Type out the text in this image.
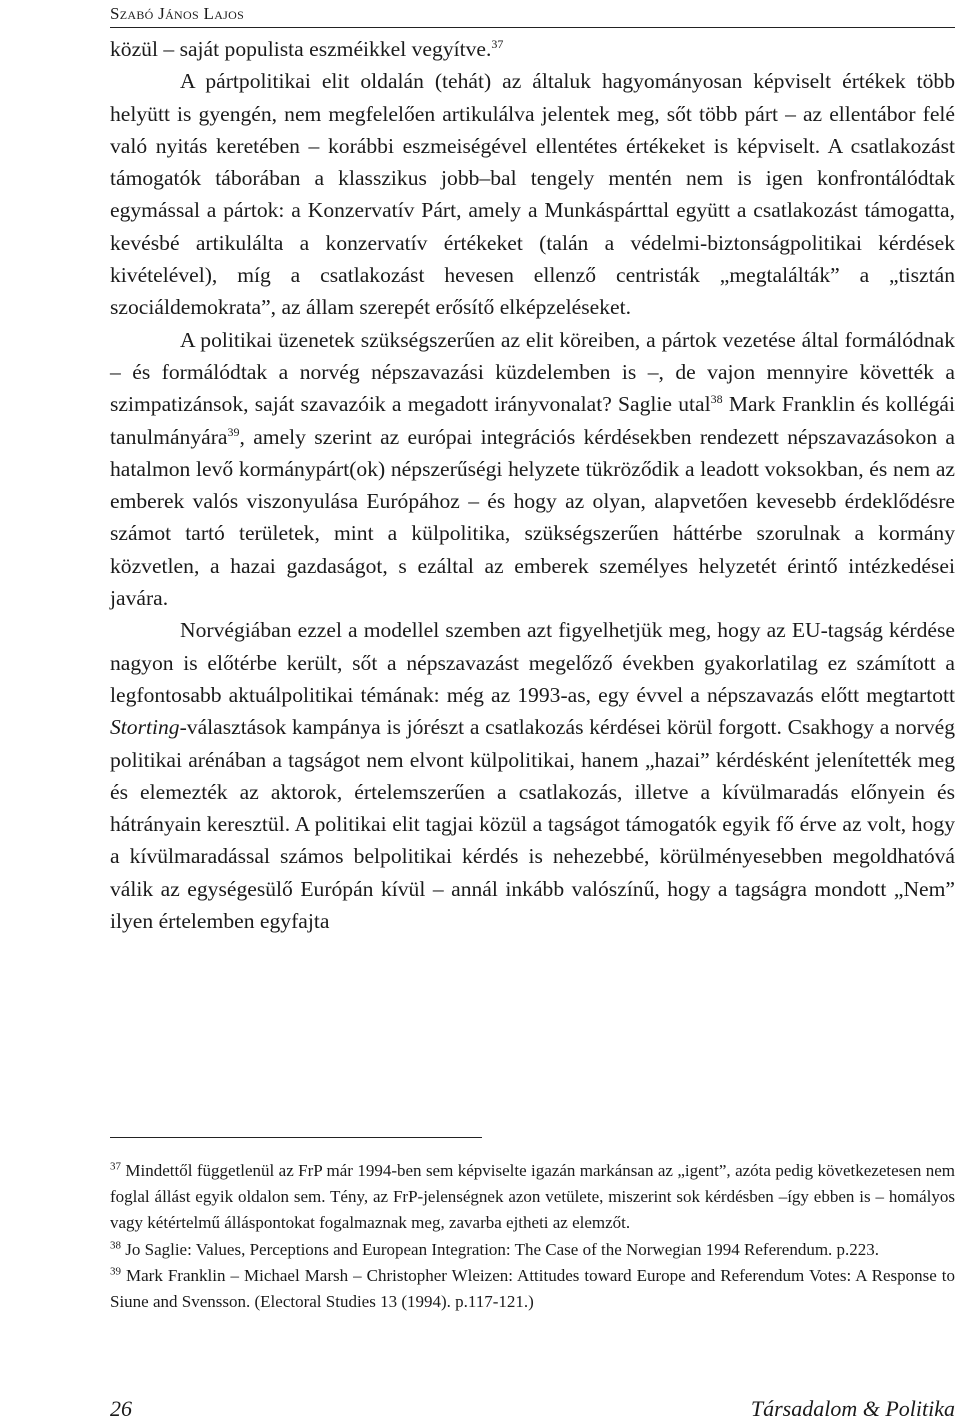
Szabó János Lajos

közül – saját populista eszméikkel vegyítve.$^{37}$

A pártpolitikai elit oldalán (tehát) az általuk hagyományosan képviselt értékek több helyütt is gyengén, nem megfelelően artikulálva jelentek meg, sőt több párt – az ellentábor felé való nyitás keretében – korábbi eszmeiségével ellentétes értékeket is képviselt. A csatlakozást támogatók táborában a klasszikus jobb–bal tengely mentén nem is igen konfrontálódtak egymással a pártok: a Konzervatív Párt, amely a Munkáspárttal együtt a csatlakozást támogatta, kevésbé artikulálta a konzervatív értékeket (talán a védelmi-biztonságpolitikai kérdések kivételével), míg a csatlakozást hevesen ellenző centristák „megtalálták” a „tisztán szociáldemokrata”, az állam szerepét erősítő elképzeléseket.

A politikai üzenetek szükségszerűen az elit köreiben, a pártok vezetése által formálódnak – és formálódtak a norvég népszavazási küzdelemben is –, de vajon mennyire követték a szimpatizánsok, saját szavazóik a megadott irányvonalat? Saglie utal$^{38}$ Mark Franklin és kollégái tanulmányára$^{39}$, amely szerint az európai integrációs kérdésekben rendezett népszavazásokon a hatalmon levő kormánypárt(ok) népszerűségi helyzete tükröződik a leadott voksokban, és nem az emberek valós viszonyulása Európához – és hogy az olyan, alapvetően kevesebb érdeklődésre számot tartó területek, mint a külpolitika, szükségszerűen háttérbe szorulnak a kormány közvetlen, a hazai gazdaságot, s ezáltal az emberek személyes helyzetét érintő intézkedései javára.

Norvégiában ezzel a modellel szemben azt figyelhetjük meg, hogy az EU-tagság kérdése nagyon is előtérbe került, sőt a népszavazást megelőző években gyakorlatilag ez számított a legfontosabb aktuálpolitikai témának: még az 1993-as, egy évvel a népszavazás előtt megtartott Storting-választások kampánya is jórészt a csatlakozás kérdései körül forgott. Csakhogy a norvég politikai arénában a tagságot nem elvont külpolitikai, hanem „hazai” kérdésként jelenítették meg és elemezték az aktorok, értelemszerűen a csatlakozás, illetve a kívülmaradás előnyein és hátrányain keresztül. A politikai elit tagjai közül a tagságot támogatók egyik fő érve az volt, hogy a kívülmaradással számos belpolitikai kérdés is nehezebbé, körülményesebben megoldhatóvá válik az egységesülő Európán kívül – annál inkább valószínű, hogy a tagságra mondott „Nem” ilyen értelemben egyfajta

$^{37}$ Mindettől függetlenül az FrP már 1994-ben sem képviselte igazán markánsan az „igent”, azóta pedig következetesen nem foglal állást egyik oldalon sem. Tény, az FrP-jelenségnek azon vetülete, miszerint sok kérdésben –így ebben is – homályos vagy kétértelmű álláspontokat fogalmaznak meg, zavarba ejtheti az elemzőt.

$^{38}$ Jo Saglie: Values, Perceptions and European Integration: The Case of the Norwegian 1994 Referendum. p.223.

$^{39}$ Mark Franklin – Michael Marsh – Christopher Wleizen: Attitudes toward Europe and Referendum Votes: A Response to Siune and Svensson. (Electoral Studies 13 (1994). p.117-121.)

26	Társadalom & Politika
